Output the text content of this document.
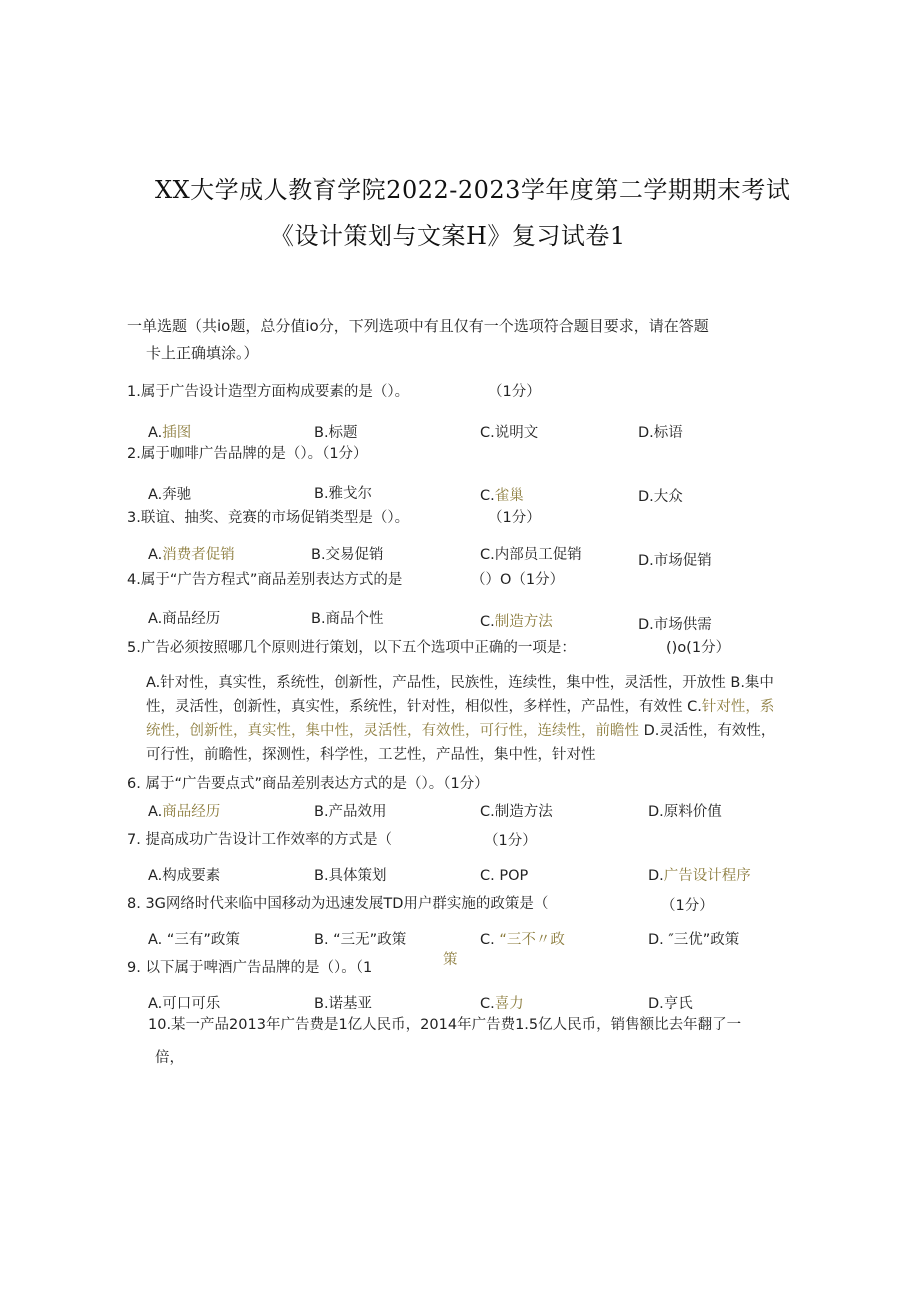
XX大学成人教育学院2022-2023学年度第二学期期末考试
《设计策划与文案H》复习试卷1
一单选题（共io题，总分值io分，下列选项中有且仅有一个选项符合题目要求，请在答题
卡上正确填涂。）
1.属于广告设计造型方面构成要素的是（）。	（1分）
A.插图	B.标题	C.说明文	D.标语
2.属于咖啡广告品牌的是（）。（1分）
A.奔驰	B.雅戈尔	C.雀巢	D.大众
3.联谊、抽奖、竞赛的市场促销类型是（）。	（1分）
A.消费者促销	B.交易促销	C.内部员工促销	D.市场促销
4.属于“广告方程式”商品差别表达方式的是	（）O（1分）
A.商品经历	B.商品个性	C.制造方法	D.市场供需
5.广告必须按照哪几个原则进行策划，以下五个选项中正确的一项是：	()o(1分）
A.针对性，真实性，系统性，创新性，产品性，民族性，连续性，集中性，灵活性，开放性 B.集中
性，灵活性，创新性，真实性，系统性，针对性，相似性，多样性，产品性，有效性 C.针对性，系
统性，创新性，真实性，集中性，灵活性，有效性，可行性，连续性，前瞻性 D.灵活性，有效性，
可行性，前瞻性，探测性，科学性，工艺性，产品性，集中性，针对性
6. 属于“广告要点式”商品差别表达方式的是（）。（1分）
A.商品经历	B.产品效用	C.制造方法	D.原料价值
7. 提高成功广告设计工作效率的方式是（	（1分）
A.构成要素	B.具体策划	C. POP	D.广告设计程序
8. 3G网络时代来临中国移动为迅速发展TD用户群实施的政策是（	（1分）
A. “三有”政策	B. “三无”政策	C. “三不〃政
策
D. ″三优”政策
9. 以下属于啤酒广告品牌的是（）。（1
A.可口可乐	B.诺基亚	C.喜力	D.亨氏
10.某一产品2013年广告费是1亿人民币，2014年广告费1.5亿人民币，销售额比去年翻了一
倍，
